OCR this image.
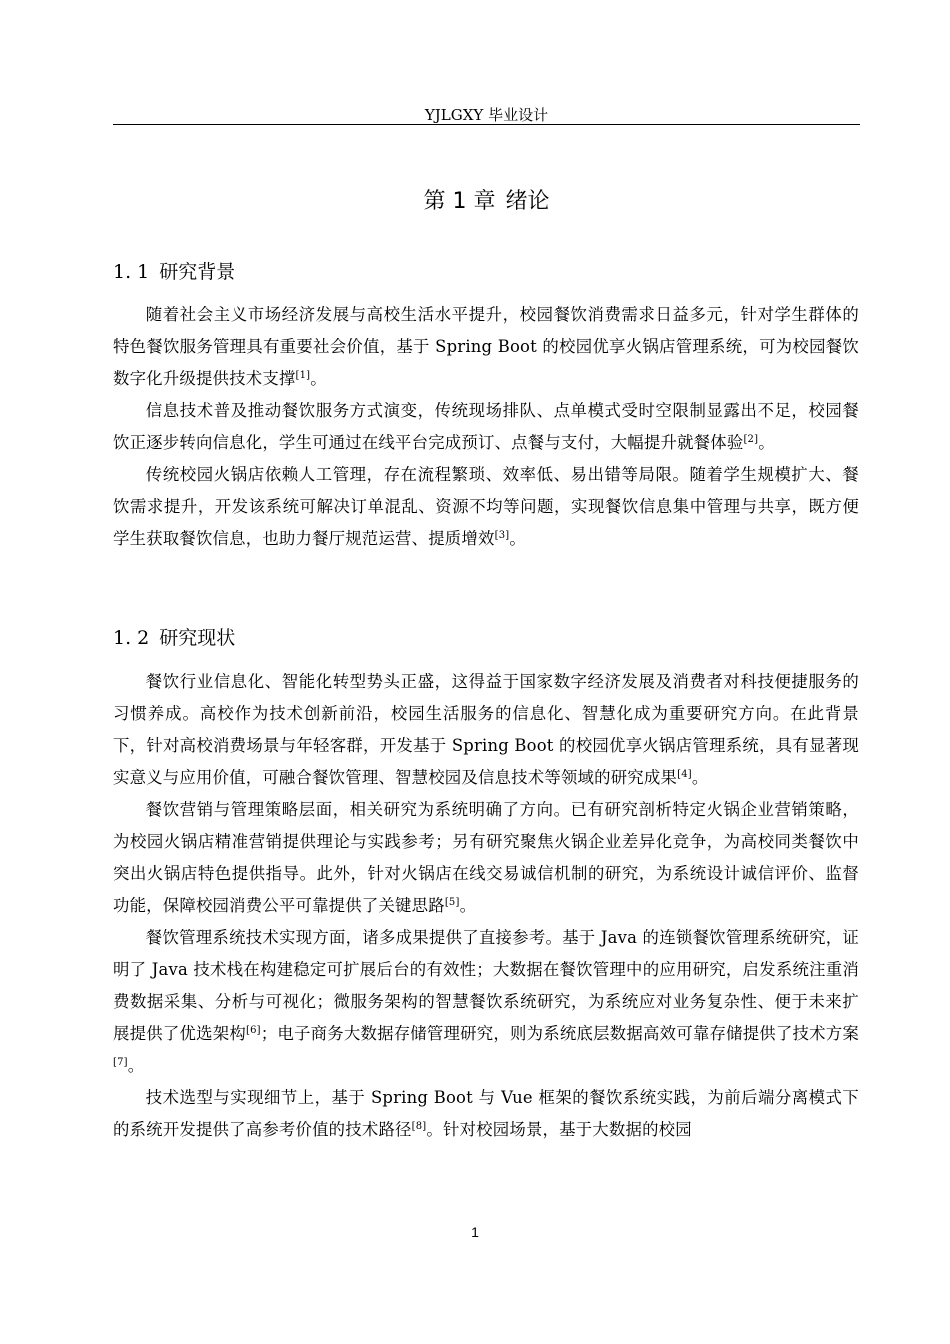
YJLGXY 毕业设计
第 1 章 绪论
1. 1 研究背景

随着社会主义市场经济发展与高校生活水平提升，校园餐饮消费需求日益多元，针对学生群体的特色餐饮服务管理具有重要社会价值，基于 Spring Boot 的校园优享火锅店管理系统，可为校园餐饮数字化升级提供技术支撑[1]。

信息技术普及推动餐饮服务方式演变，传统现场排队、点单模式受时空限制显露出不足，校园餐饮正逐步转向信息化，学生可通过在线平台完成预订、点餐与支付，大幅提升就餐体验[2]。

传统校园火锅店依赖人工管理，存在流程繁琐、效率低、易出错等局限。随着学生规模扩大、餐饮需求提升，开发该系统可解决订单混乱、资源不均等问题，实现餐饮信息集中管理与共享，既方便学生获取餐饮信息，也助力餐厅规范运营、提质增效[3]。

1. 2 研究现状

餐饮行业信息化、智能化转型势头正盛，这得益于国家数字经济发展及消费者对科技便捷服务的习惯养成。高校作为技术创新前沿，校园生活服务的信息化、智慧化成为重要研究方向。在此背景下，针对高校消费场景与年轻客群，开发基于 Spring Boot 的校园优享火锅店管理系统，具有显著现实意义与应用价值，可融合餐饮管理、智慧校园及信息技术等领域的研究成果[4]。

餐饮营销与管理策略层面，相关研究为系统明确了方向。已有研究剖析特定火锅企业营销策略，为校园火锅店精准营销提供理论与实践参考；另有研究聚焦火锅企业差异化竞争，为高校同类餐饮中突出火锅店特色提供指导。此外，针对火锅店在线交易诚信机制的研究，为系统设计诚信评价、监督功能，保障校园消费公平可靠提供了关键思路[5]。

餐饮管理系统技术实现方面，诸多成果提供了直接参考。基于 Java 的连锁餐饮管理系统研究，证明了 Java 技术栈在构建稳定可扩展后台的有效性；大数据在餐饮管理中的应用研究，启发系统注重消费数据采集、分析与可视化；微服务架构的智慧餐饮系统研究，为系统应对业务复杂性、便于未来扩展提供了优选架构[6]；电子商务大数据存储管理研究，则为系统底层数据高效可靠存储提供了技术方案[7]。

技术选型与实现细节上，基于 Spring Boot 与 Vue 框架的餐饮系统实践，为前后端分离模式下的系统开发提供了高参考价值的技术路径[8]。针对校园场景，基于大数据的校园

1
